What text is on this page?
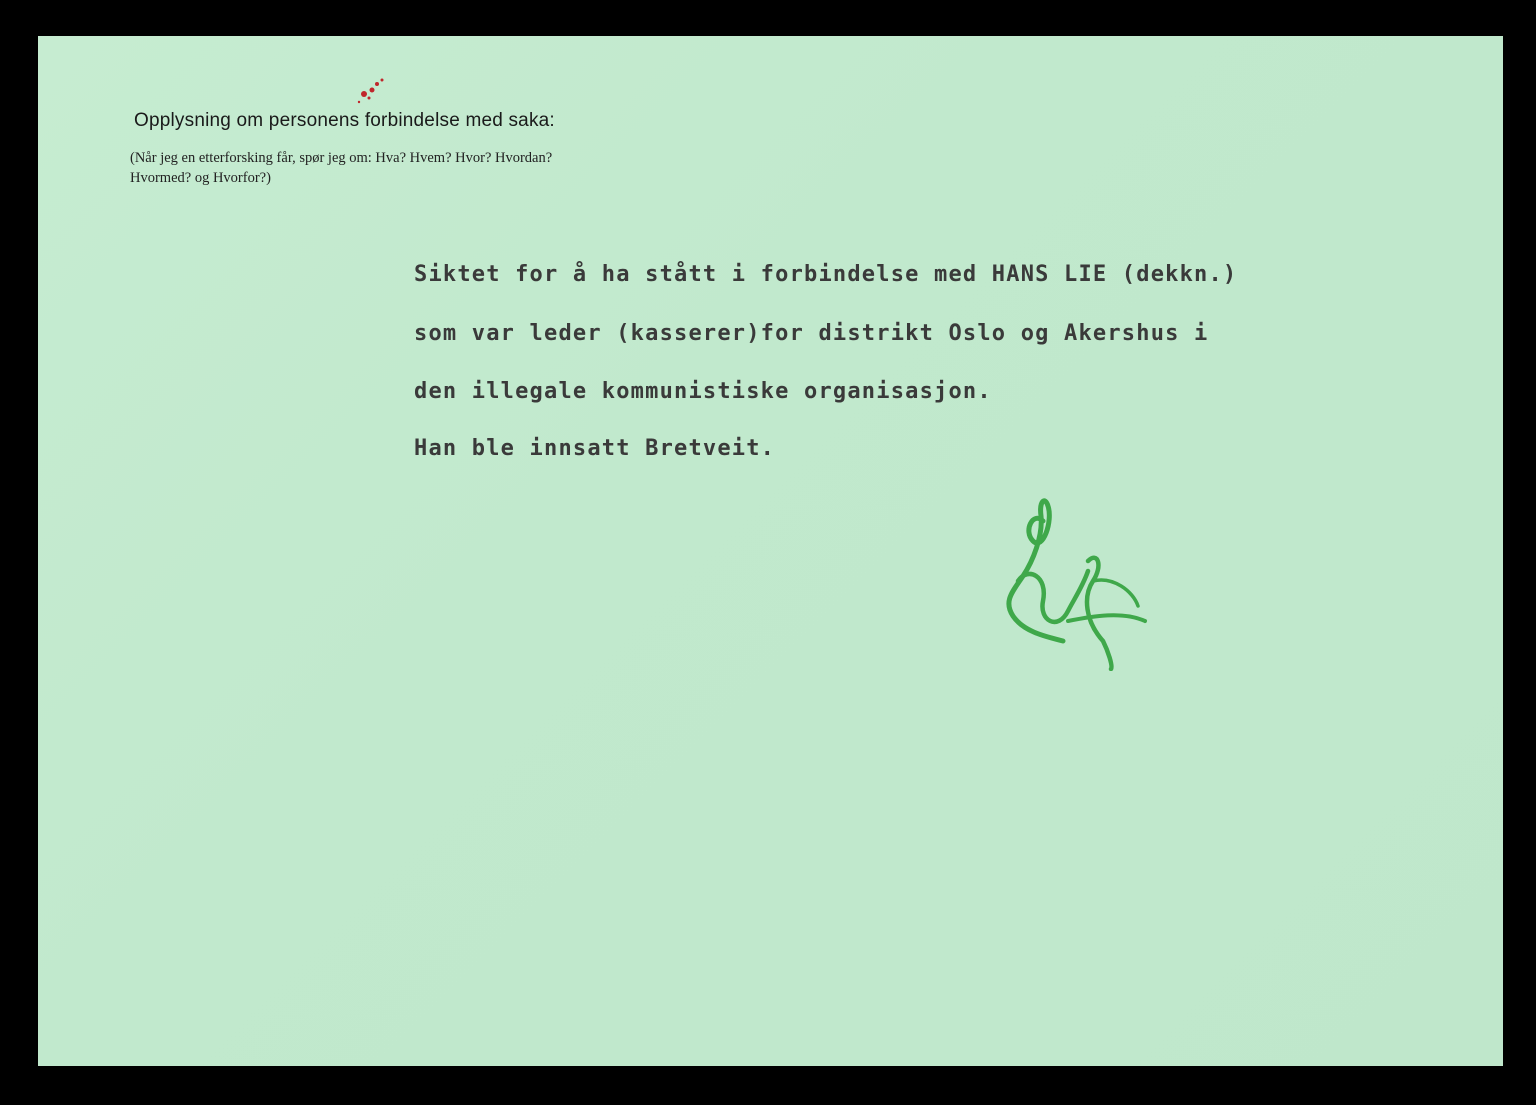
Opplysning om personens forbindelse med saka:
(Når jeg en etterforsking får, spør jeg om: Hva? Hvem? Hvor? Hvordan?
Hvormed? og Hvorfor?)
Siktet for å ha stått i forbindelse med HANS LIE (dekkn.)
som var leder (kasserer)for distrikt Oslo og Akershus i
den illegale kommunistiske organisasjon.
Han ble innsatt Bretveit.
